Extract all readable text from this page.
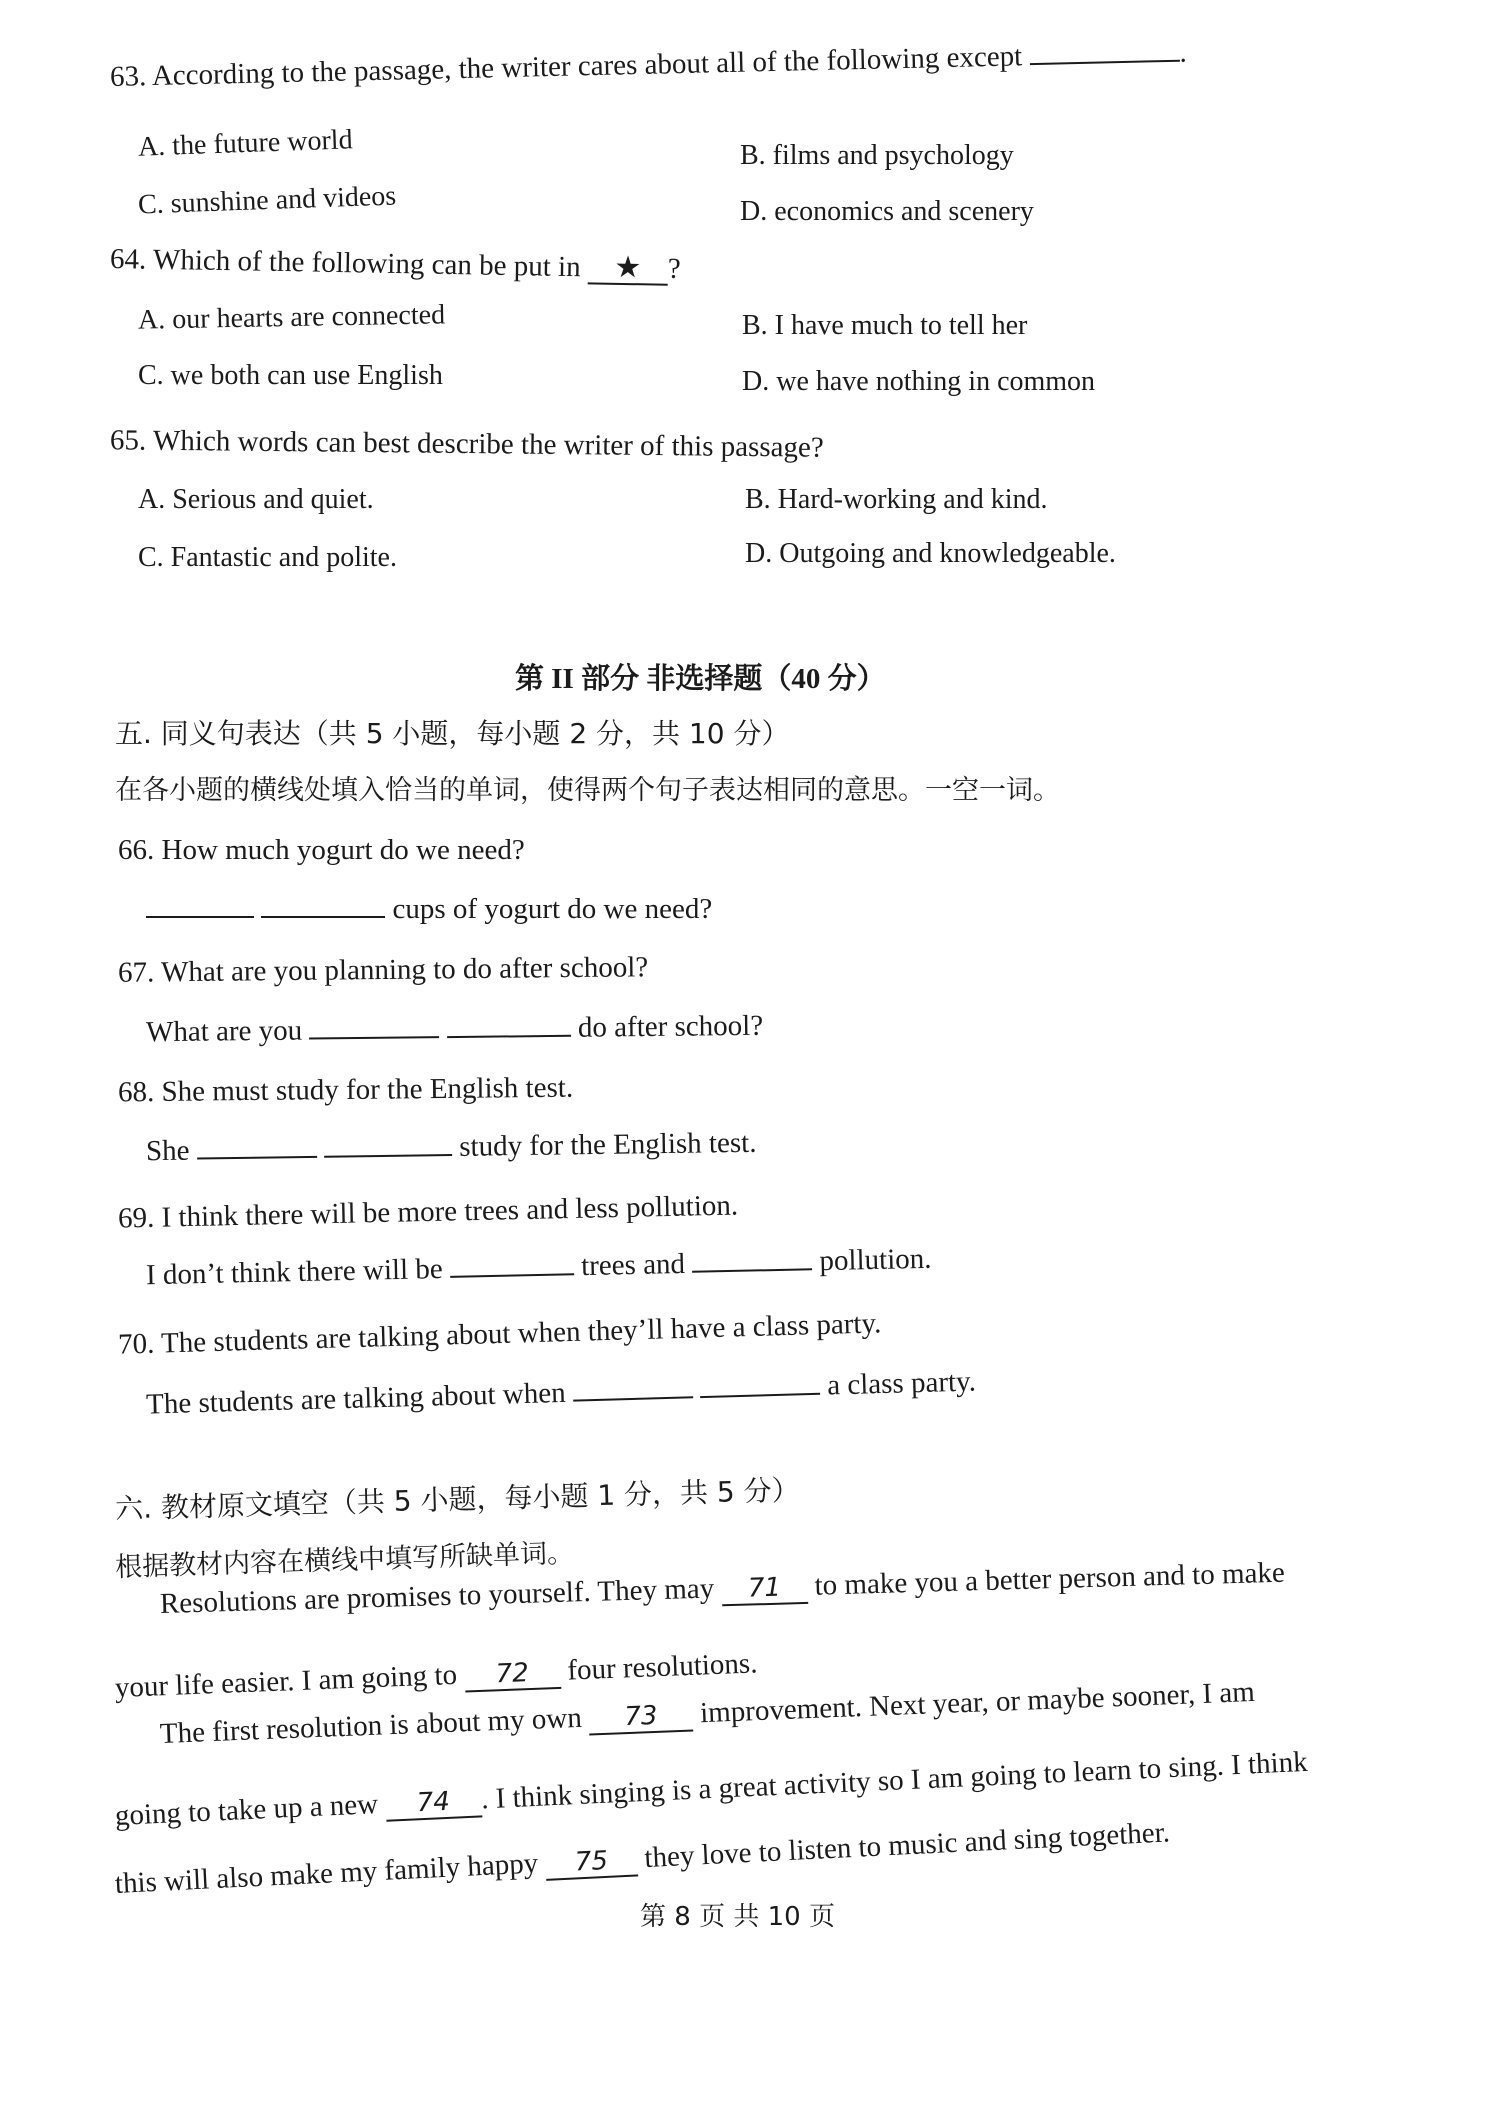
63. According to the passage, the writer cares about all of the following except	.
A. the future world	B. films and psychology
C. sunshine and videos	D. economics and scenery
64. Which of the following can be put in ★ ?
A. our hearts are connected	B. I have much to tell her
C. we both can use English	D. we have nothing in common
65. Which words can best describe the writer of this passage?
A. Serious and quiet.	B. Hard-working and kind.
C. Fantastic and polite.	D. Outgoing and knowledgeable.
第 II 部分 非选择题（40 分）
五. 同义句表达（共 5 小题，每小题 2 分，共 10 分）
在各小题的横线处填入恰当的单词，使得两个句子表达相同的意思。一空一词。
66. How much yogurt do we need?
cups of yogurt do we need?
67. What are you planning to do after school?
What are you	do after school?
68. She must study for the English test.
She	study for the English test.
69. I think there will be more trees and less pollution.
I don’t think there will be	trees and	pollution.
70. The students are talking about when they’ll have a class party.
The students are talking about when	a class party.
六. 教材原文填空（共 5 小题，每小题 1 分，共 5 分）
根据教材内容在横线中填写所缺单词。
Resolutions are promises to yourself. They may 71 to make you a better person and to make
your life easier. I am going to 72 four resolutions.
The first resolution is about my own 73 improvement. Next year, or maybe sooner, I am
going to take up a new 74 . I think singing is a great activity so I am going to learn to sing. I think
this will also make my family happy 75 they love to listen to music and sing together.
第 8 页 共 10 页
